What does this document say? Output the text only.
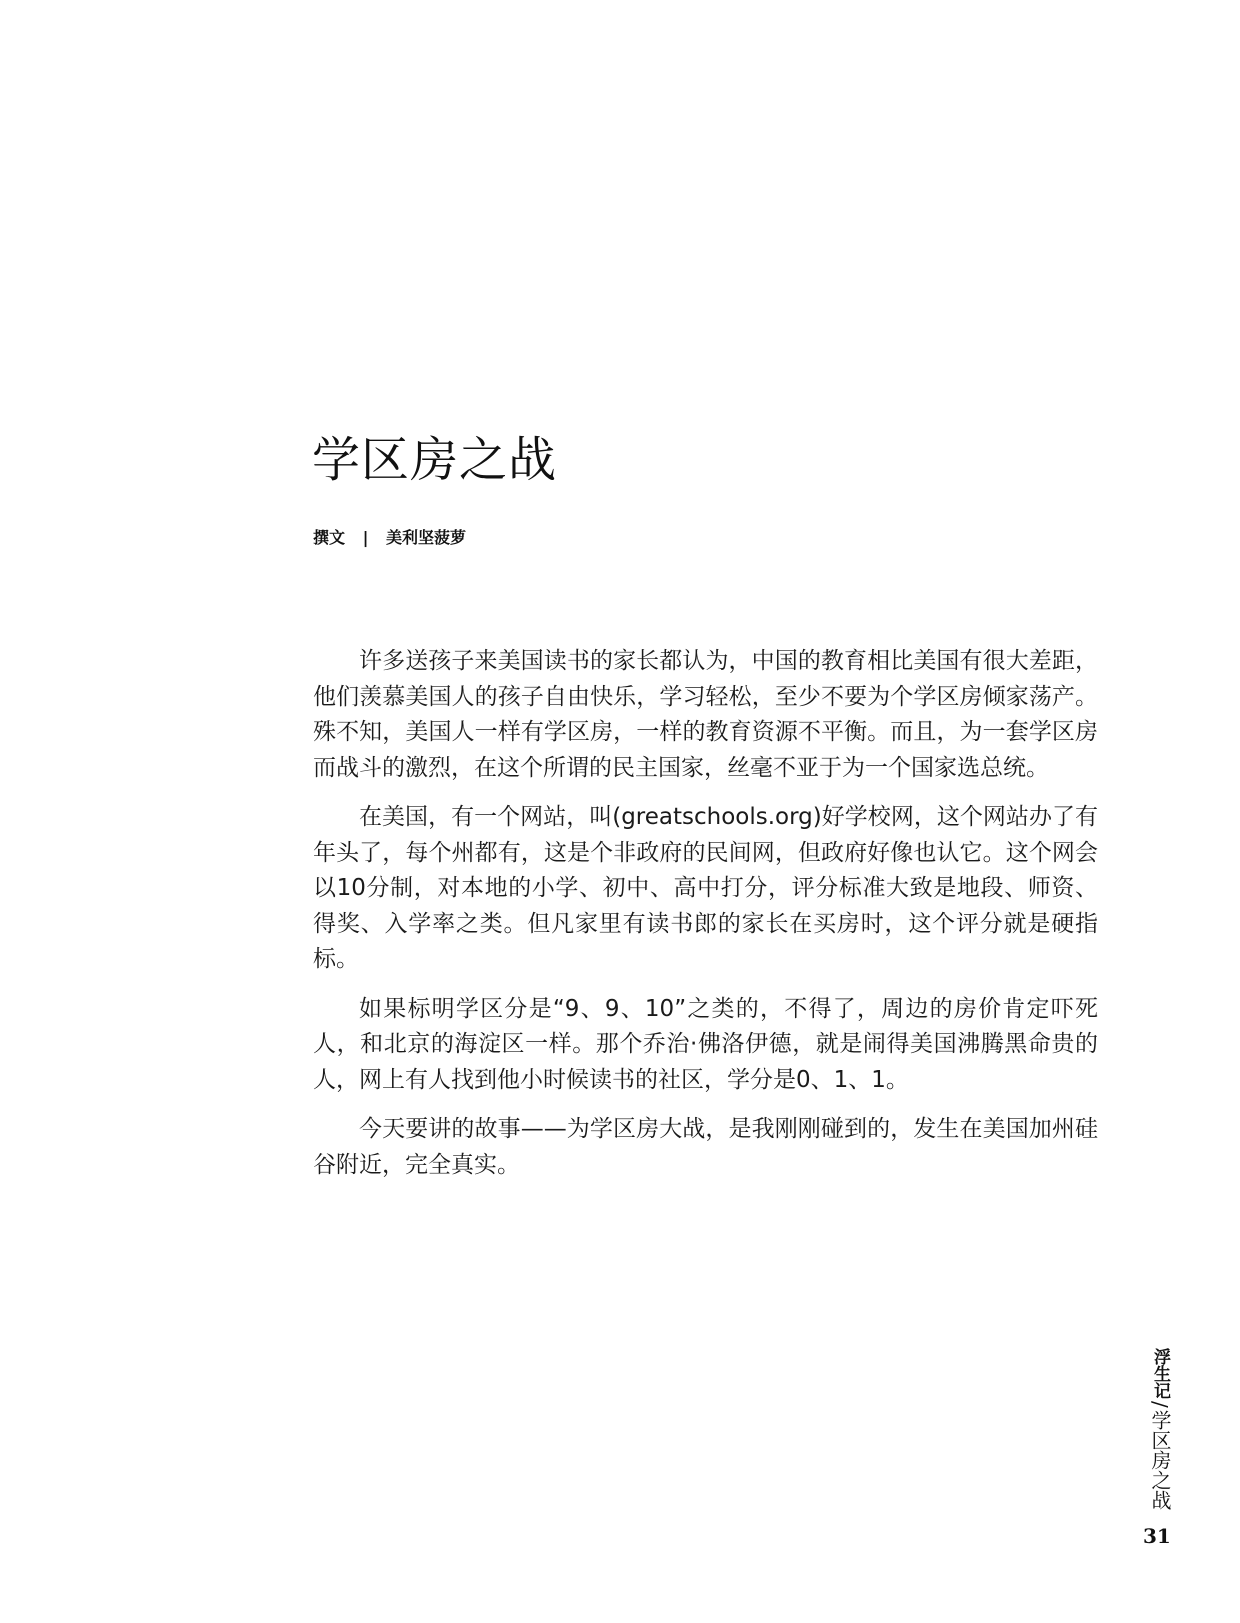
学区房之战
撰文 | 美利坚菠萝

许多送孩子来美国读书的家长都认为，中国的教育相比美国有很大差距，他们羡慕美国人的孩子自由快乐，学习轻松，至少不要为个学区房倾家荡产。殊不知，美国人一样有学区房，一样的教育资源不平衡。而且，为一套学区房而战斗的激烈，在这个所谓的民主国家，丝毫不亚于为一个国家选总统。

在美国，有一个网站，叫(greatschools.org)好学校网，这个网站办了有年头了，每个州都有，这是个非政府的民间网，但政府好像也认它。这个网会以10分制，对本地的小学、初中、高中打分，评分标准大致是地段、师资、得奖、入学率之类。但凡家里有读书郎的家长在买房时，这个评分就是硬指标。

如果标明学区分是“9、9、10”之类的，不得了，周边的房价肯定吓死人，和北京的海淀区一样。那个乔治·佛洛伊德，就是闹得美国沸腾黑命贵的人，网上有人找到他小时候读书的社区，学分是0、1、1。

今天要讲的故事——为学区房大战，是我刚刚碰到的，发生在美国加州硅谷附近，完全真实。

浮生记/学区房之战
31
